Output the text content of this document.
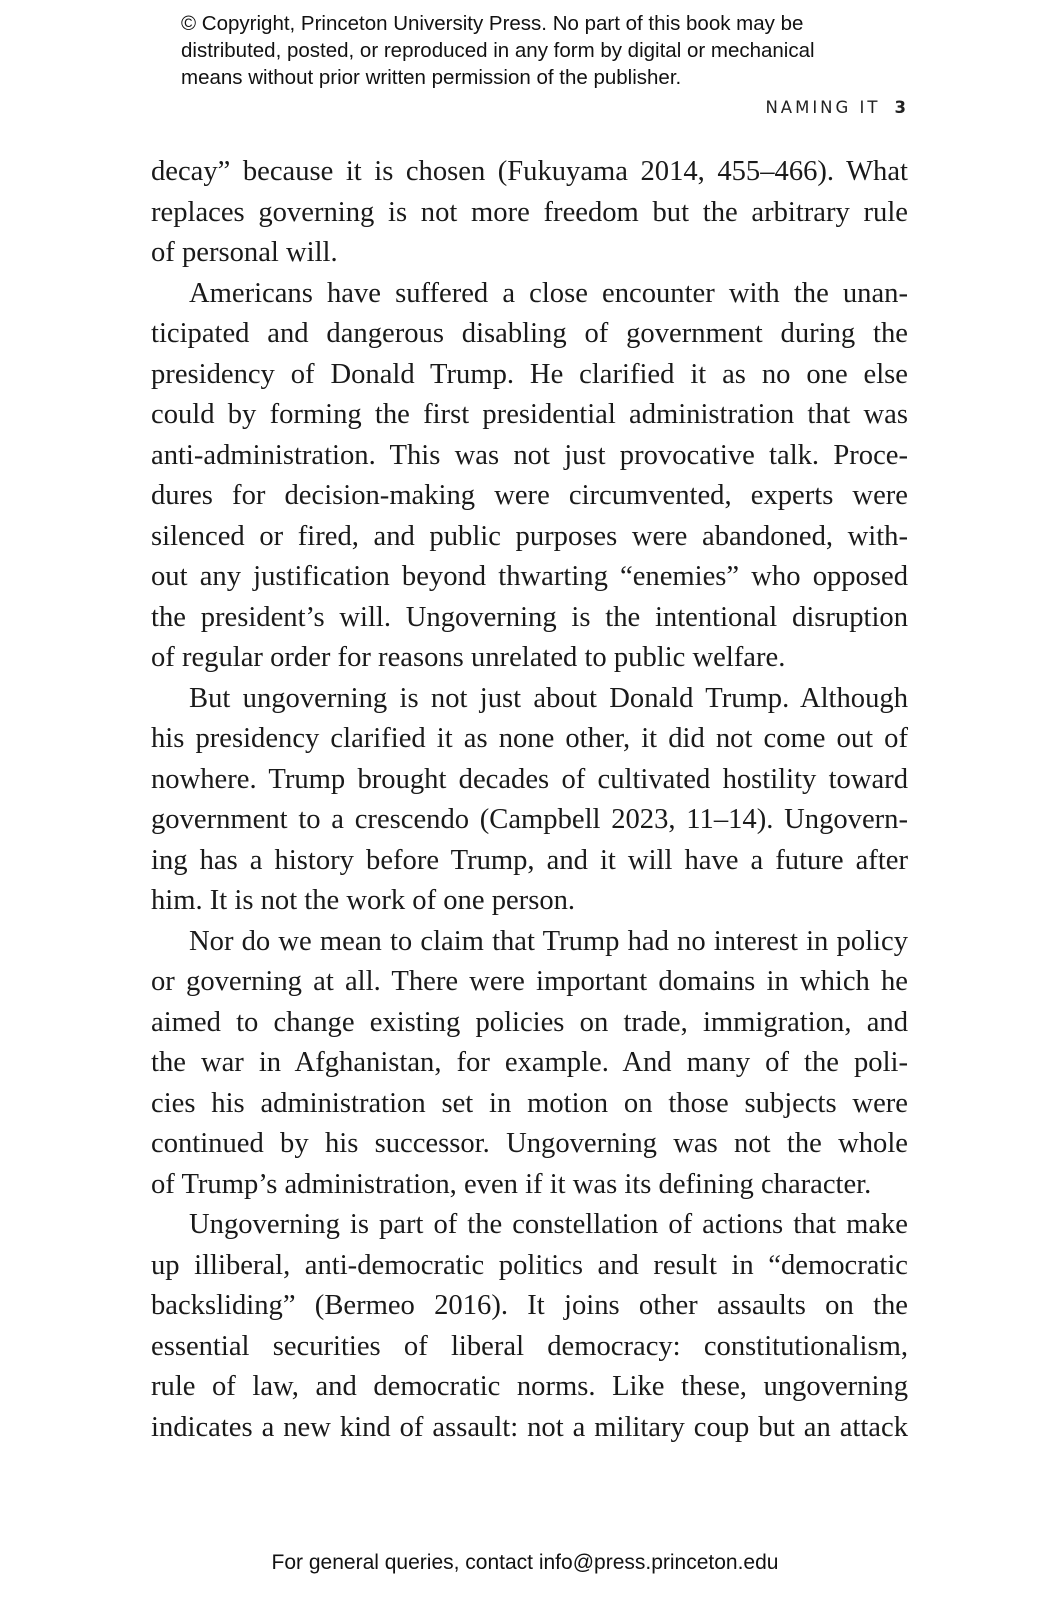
© Copyright, Princeton University Press. No part of this book may be
distributed, posted, or reproduced in any form by digital or mechanical
means without prior written permission of the publisher.
NAMING IT 3
decay” because it is chosen (Fukuyama 2014, 455–466). What
replaces governing is not more freedom but the arbitrary rule
of personal will.
Americans have suffered a close encounter with the unan-
ticipated and dangerous disabling of government during the
presidency of Donald Trump. He clarified it as no one else
could by forming the first presidential administration that was
anti-administration. This was not just provocative talk. Proce-
dures for decision-making were circumvented, experts were
silenced or fired, and public purposes were abandoned, with-
out any justification beyond thwarting “enemies” who opposed
the president’s will. Ungoverning is the intentional disruption
of regular order for reasons unrelated to public welfare.
But ungoverning is not just about Donald Trump. Although
his presidency clarified it as none other, it did not come out of
nowhere. Trump brought decades of cultivated hostility toward
government to a crescendo (Campbell 2023, 11–14). Ungovern-
ing has a history before Trump, and it will have a future after
him. It is not the work of one person.
Nor do we mean to claim that Trump had no interest in policy
or governing at all. There were important domains in which he
aimed to change existing policies on trade, immigration, and
the war in Afghanistan, for example. And many of the poli-
cies his administration set in motion on those subjects were
continued by his successor. Ungoverning was not the whole
of Trump’s administration, even if it was its defining character.
Ungoverning is part of the constellation of actions that make
up illiberal, anti-democratic politics and result in “democratic
backsliding” (Bermeo 2016). It joins other assaults on the
essential securities of liberal democracy: constitutionalism,
rule of law, and democratic norms. Like these, ungoverning
indicates a new kind of assault: not a military coup but an attack
For general queries, contact info@press.princeton.edu
